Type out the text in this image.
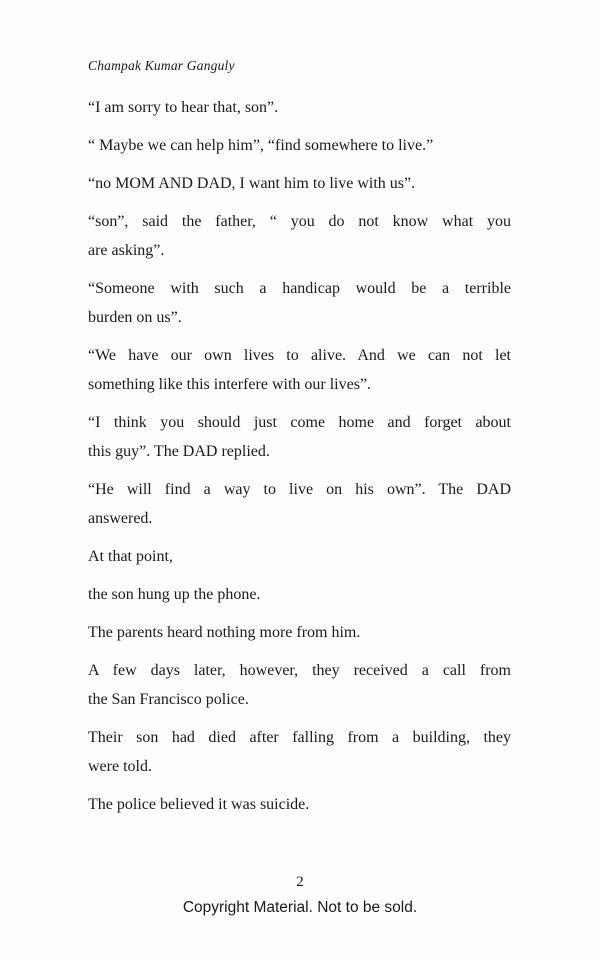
Champak Kumar Ganguly
“I am sorry to hear that, son”.
“ Maybe we can help him”, “find somewhere to live.”
“no MOM AND DAD, I want him to live with us”.
“son”, said the father, “ you do not know what you
are asking”.
“Someone with such a handicap would be a terrible
burden on us”.
“We have our own lives to alive. And we can not let
something like this interfere with our lives”.
“I think you should just come home and forget about
this guy”. The DAD replied.
“He will find a way to live on his own”. The DAD
answered.
At that point,
the son hung up the phone.
The parents heard nothing more from him.
A few days later, however, they received a call from
the San Francisco police.
Their son had died after falling from a building, they
were told.
The police believed it was suicide.
2
Copyright Material. Not to be sold.
